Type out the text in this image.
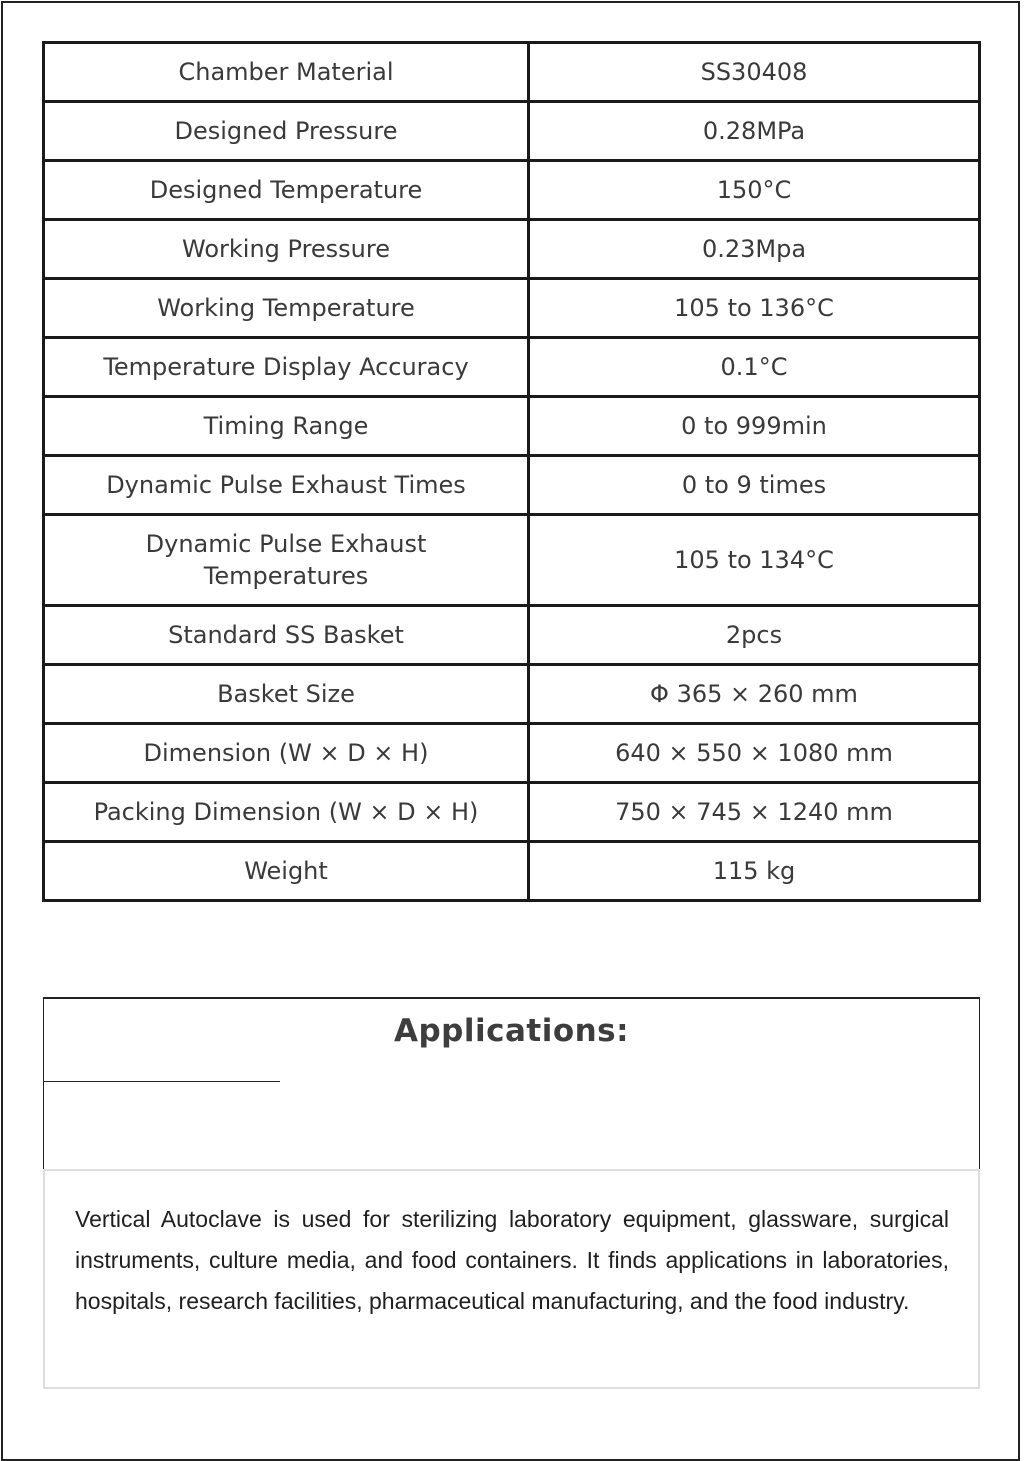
Chamber Material	SS30408
Designed Pressure	0.28MPa
Designed Temperature	150°C
Working Pressure	0.23Mpa
Working Temperature	105 to 136°C
Temperature Display Accuracy	0.1°C
Timing Range	0 to 999min
Dynamic Pulse Exhaust Times	0 to 9 times
Dynamic Pulse Exhaust Temperatures	105 to 134°C
Standard SS Basket	2pcs
Basket Size	Φ 365 × 260 mm
Dimension (W × D × H)	640 × 550 × 1080 mm
Packing Dimension (W × D × H)	750 × 745 × 1240 mm
Weight	115 kg
Applications:

Vertical Autoclave is used for sterilizing laboratory equipment, glassware, surgical instruments, culture media, and food containers. It finds applications in laboratories, hospitals, research facilities, pharmaceutical manufacturing, and the food industry.
